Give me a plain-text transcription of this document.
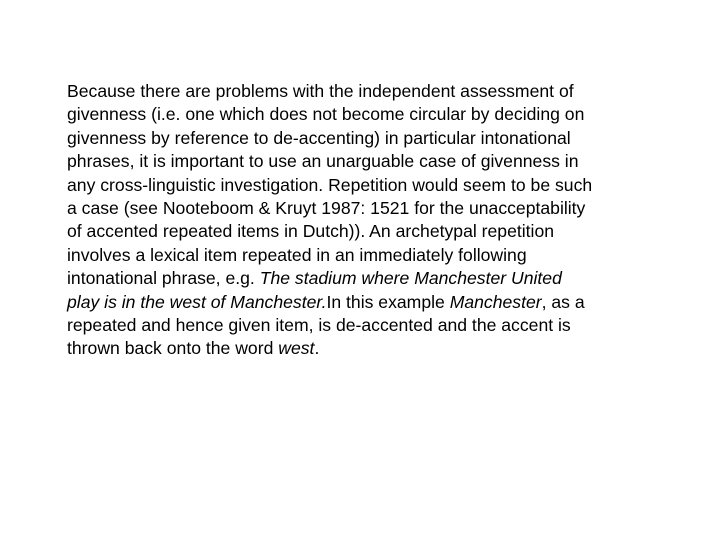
Because there are problems with the independent assessment of
givenness (i.e. one which does not become circular by deciding on
givenness by reference to de-accenting) in particular intonational
phrases, it is important to use an unarguable case of givenness in
any cross-linguistic investigation. Repetition would seem to be such
a case (see Nooteboom & Kruyt 1987: 1521 for the unacceptability
of accented repeated items in Dutch)). An archetypal repetition
involves a lexical item repeated in an immediately following
intonational phrase, e.g. The stadium where Manchester United
play is in the west of Manchester.In this example Manchester, as a
repeated and hence given item, is de-accented and the accent is
thrown back onto the word west.
